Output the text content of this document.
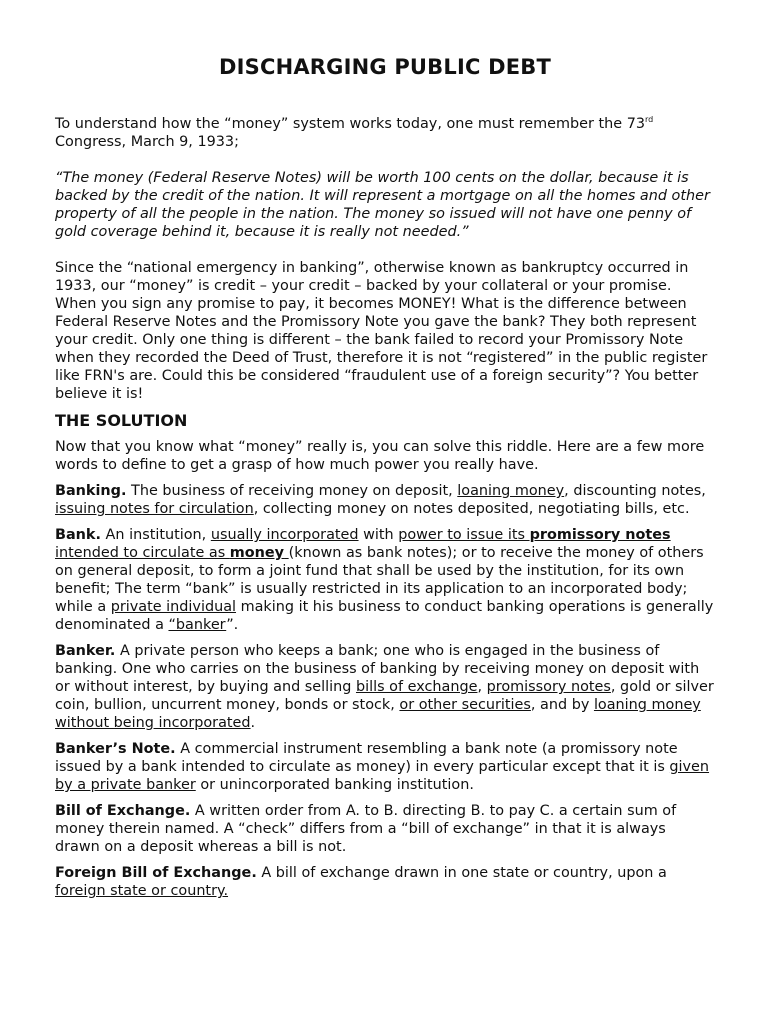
DISCHARGING PUBLIC DEBT

To understand how the “money” system works today, one must remember the 73rd Congress, March 9, 1933;

“The money (Federal Reserve Notes) will be worth 100 cents on the dollar, because it is backed by the credit of the nation. It will represent a mortgage on all the homes and other property of all the people in the nation. The money so issued will not have one penny of gold coverage behind it, because it is really not needed.”

Since the “national emergency in banking”, otherwise known as bankruptcy occurred in 1933, our “money” is credit – your credit – backed by your collateral or your promise. When you sign any promise to pay, it becomes MONEY! What is the difference between Federal Reserve Notes and the Promissory Note you gave the bank? They both represent your credit. Only one thing is different – the bank failed to record your Promissory Note when they recorded the Deed of Trust, therefore it is not “registered” in the public register like FRN's are. Could this be considered “fraudulent use of a foreign security”? You better believe it is!

THE SOLUTION

Now that you know what “money” really is, you can solve this riddle. Here are a few more words to define to get a grasp of how much power you really have.

Banking. The business of receiving money on deposit, loaning money, discounting notes, issuing notes for circulation, collecting money on notes deposited, negotiating bills, etc.

Bank. An institution, usually incorporated with power to issue its promissory notes intended to circulate as money (known as bank notes); or to receive the money of others on general deposit, to form a joint fund that shall be used by the institution, for its own benefit; The term “bank” is usually restricted in its application to an incorporated body; while a private individual making it his business to conduct banking operations is generally denominated a “banker”.

Banker. A private person who keeps a bank; one who is engaged in the business of banking. One who carries on the business of banking by receiving money on deposit with or without interest, by buying and selling bills of exchange, promissory notes, gold or silver coin, bullion, uncurrent money, bonds or stock, or other securities, and by loaning money without being incorporated.

Banker’s Note. A commercial instrument resembling a bank note (a promissory note issued by a bank intended to circulate as money) in every particular except that it is given by a private banker or unincorporated banking institution.

Bill of Exchange. A written order from A. to B. directing B. to pay C. a certain sum of money therein named. A “check” differs from a “bill of exchange” in that it is always drawn on a deposit whereas a bill is not.

Foreign Bill of Exchange. A bill of exchange drawn in one state or country, upon a foreign state or country.
